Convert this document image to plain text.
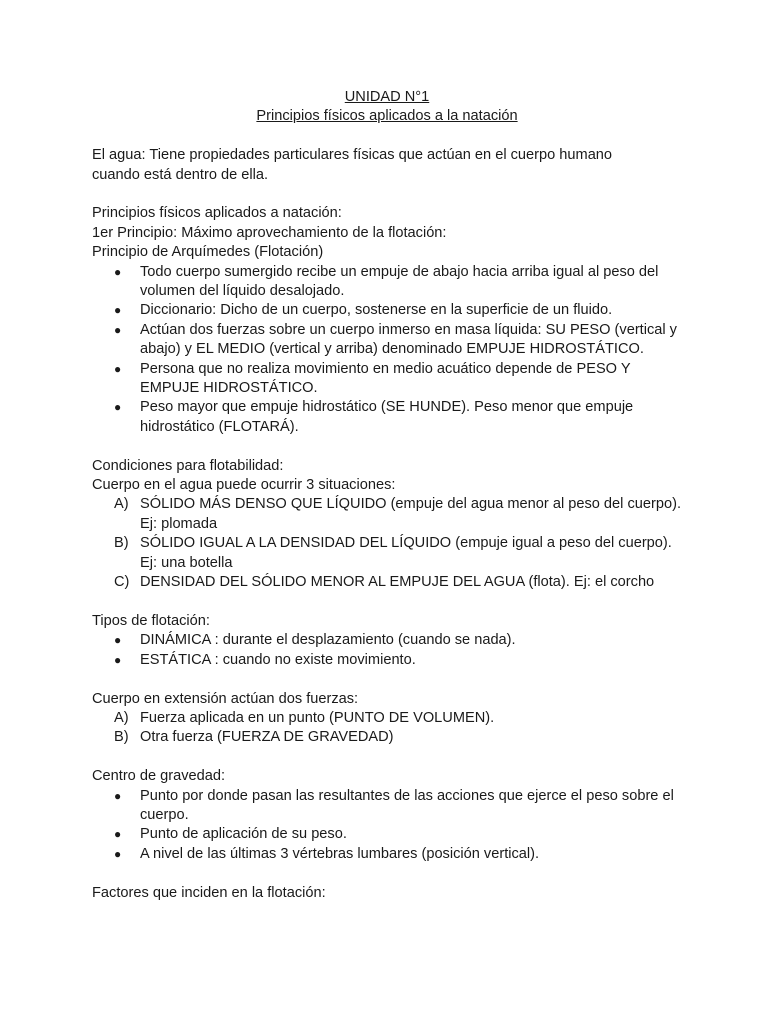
UNIDAD N°1

Principios físicos aplicados a la natación

El agua: Tiene propiedades particulares físicas que actúan en el cuerpo humano

cuando está dentro de ella.

Principios físicos aplicados a natación:

1er Principio: Máximo aprovechamiento de la flotación:

Principio de Arquímedes (Flotación)

● Todo cuerpo sumergido recibe un empuje de abajo hacia arriba igual al peso del volumen del líquido desalojado.
● Diccionario: Dicho de un cuerpo, sostenerse en la superficie de un fluido.
● Actúan dos fuerzas sobre un cuerpo inmerso en masa líquida: SU PESO (vertical y abajo) y EL MEDIO (vertical y arriba) denominado EMPUJE HIDROSTÁTICO.
● Persona que no realiza movimiento en medio acuático depende de PESO Y EMPUJE HIDROSTÁTICO.
● Peso mayor que empuje hidrostático (SE HUNDE). Peso menor que empuje hidrostático (FLOTARÁ).

Condiciones para flotabilidad:

Cuerpo en el agua puede ocurrir 3 situaciones:

A) SÓLIDO MÁS DENSO QUE LÍQUIDO (empuje del agua menor al peso del cuerpo). Ej: plomada
B) SÓLIDO IGUAL A LA DENSIDAD DEL LÍQUIDO (empuje igual a peso del cuerpo). Ej: una botella
C) DENSIDAD DEL SÓLIDO MENOR AL EMPUJE DEL AGUA (flota). Ej: el corcho

Tipos de flotación:

● DINÁMICA : durante el desplazamiento (cuando se nada).
● ESTÁTICA : cuando no existe movimiento.

Cuerpo en extensión actúan dos fuerzas:

A) Fuerza aplicada en un punto (PUNTO DE VOLUMEN).
B) Otra fuerza (FUERZA DE GRAVEDAD)

Centro de gravedad:

● Punto por donde pasan las resultantes de las acciones que ejerce el peso sobre el cuerpo.
● Punto de aplicación de su peso.
● A nivel de las últimas 3 vértebras lumbares (posición vertical).

Factores que inciden en la flotación:
